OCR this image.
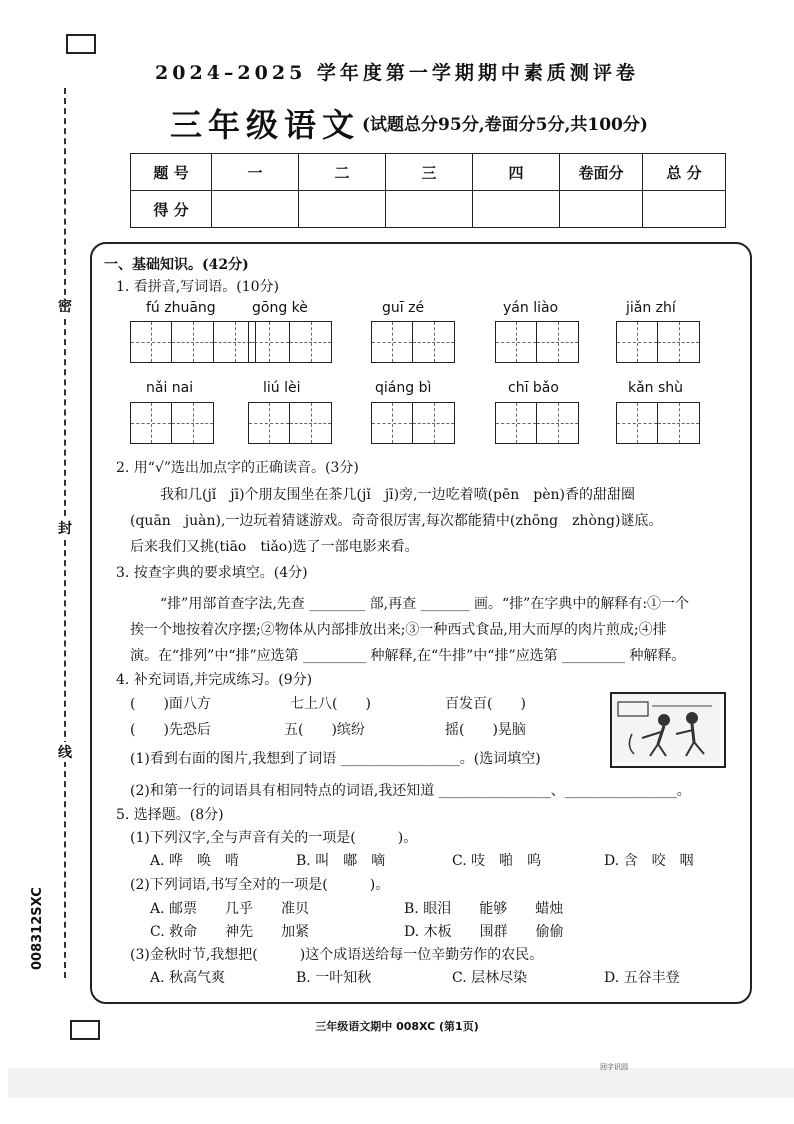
密
封
线
008312SXC
2024–2025 学年度第一学期期中素质测评卷
三年级语文 (试题总分95分,卷面分5分,共100分)
题 号	一	二	三	四	卷面分	总 分
得 分						
一、基础知识。(42分)
1. 看拼音,写词语。(10分)
fú zhuāng	gōng kè	guī zé	yán liào	jiǎn zhí
nǎi nai	liú lèi	qiáng bì	chī bǎo	kǎn shù
2. 用“√”选出加点字的正确读音。(3分)
我和几(jǐ　jī)个朋友围坐在茶几(jǐ　jī)旁,一边吃着喷(pēn　pèn)香的甜甜圈
(quān　juàn),一边玩着猜谜游戏。奇奇很厉害,每次都能猜中(zhōng　zhòng)谜底。
后来我们又挑(tiāo　tiǎo)选了一部电影来看。
3. 按查字典的要求填空。(4分)
“排”用部首查字法,先查 ________ 部,再查 _______ 画。“排”在字典中的解释有:①一个
挨一个地按着次序摆;②物体从内部排放出来;③一种西式食品,用大而厚的肉片煎成;④排
演。在“排列”中“排”应选第 _________ 种解释,在“牛排”中“排”应选第 _________ 种解释。
4. 补充词语,并完成练习。(9分)
(　　)面八方	七上八(　　)	百发百(　　)
(　　)先恐后	五(　　)缤纷	摇(　　)晃脑
(1)看到右面的图片,我想到了词语 _________________。(选词填空)
(2)和第一行的词语具有相同特点的词语,我还知道 ________________、________________。
5. 选择题。(8分)
(1)下列汉字,全与声音有关的一项是(　　　)。
A. 哗　唤　啃	B. 叫　嘟　嘀	C. 吱　啪　呜	D. 含　咬　咽
(2)下列词语,书写全对的一项是(　　　)。
A. 邮票　　几乎　　准贝	B. 眼泪　　能够　　蜡烛
C. 救命　　神先　　加紧	D. 木板　　围群　　偷偷
(3)金秋时节,我想把(　　　)这个成语送给每一位辛勤劳作的农民。
A. 秋高气爽	B. 一叶知秋	C. 层林尽染	D. 五谷丰登
三年级语文期中 008XC (第1页)
回字识园
